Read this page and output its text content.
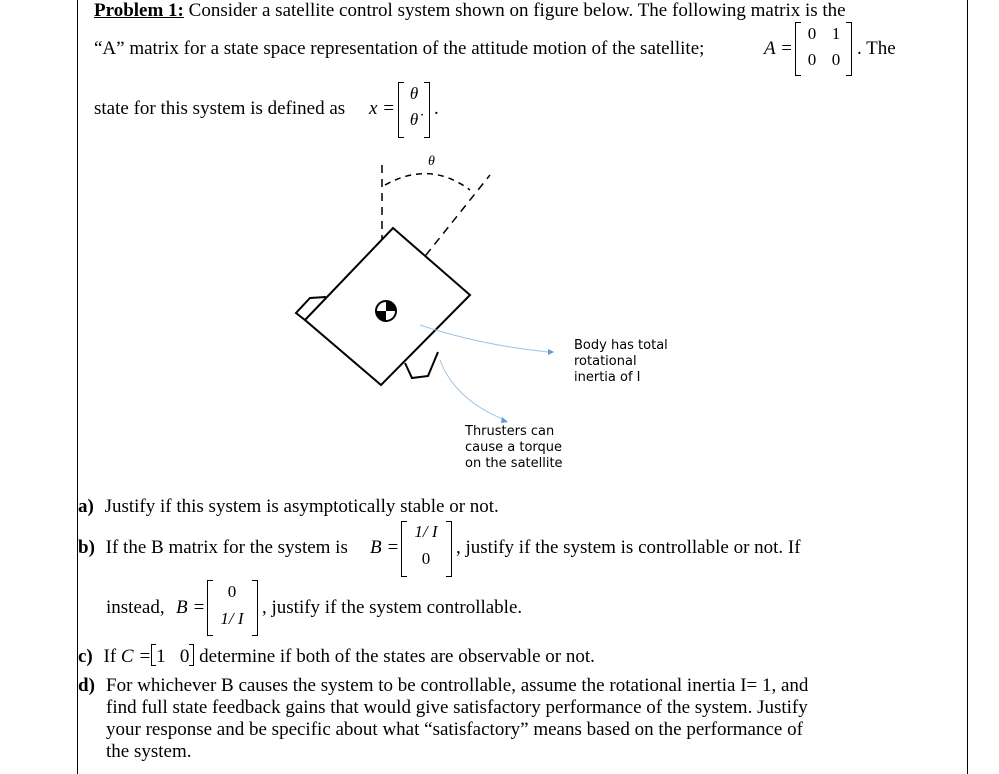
Problem 1: Consider a satellite control system shown on figure below. The following matrix is the
“A” matrix for a state space representation of the attitude motion of the satellite;	A =
0 1
0 0
. The
state for this system is defined as x =
θ
θ̇
.
θ
Body has total
rotational
inertia of I
Thrusters can
cause a torque
on the satellite
a) Justify if this system is asymptotically stable or not.
b) If the B matrix for the system is B =
1/ I
0
, justify if the system is controllable or not. If
instead, B =
0
1/ I
, justify if the system controllable.
c) If C = 1 0 determine if both of the states are observable or not.
d) For whichever B causes the system to be controllable, assume the rotational inertia I= 1, and
find full state feedback gains that would give satisfactory performance of the system. Justify
your response and be specific about what “satisfactory” means based on the performance of
the system.
